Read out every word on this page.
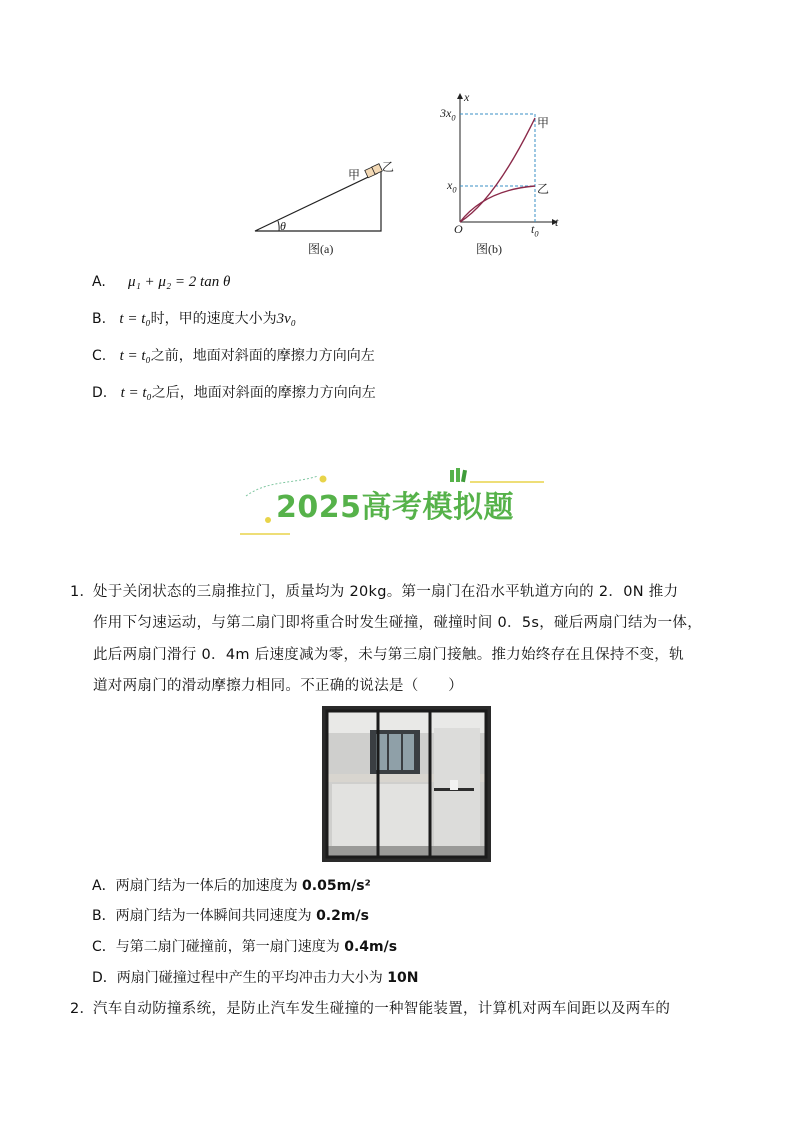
甲
乙
θ
图(a)
x
t
O
$3x_0$
$x_0$
$t_0$
甲
乙
图(b)
A. μ₁ + μ₂ = 2 tan θ
B. t = t₀时，甲的速度大小为3v₀
C. t = t₀之前，地面对斜面的摩擦力方向向左
D. t = t₀之后，地面对斜面的摩擦力方向向左
2025高考模拟题
1．
处于关闭状态的三扇推拉门，质量均为 20kg。第一扇门在沿水平轨道方向的 2．0N 推力
作用下匀速运动，与第二扇门即将重合时发生碰撞，碰撞时间 0．5s，碰后两扇门结为一体，
此后两扇门滑行 0．4m 后速度减为零，未与第三扇门接触。推力始终存在且保持不变，轨
道对两扇门的滑动摩擦力相同。不正确的说法是（　　）
A．两扇门结为一体后的加速度为 0.05m/s²
B．两扇门结为一体瞬间共同速度为 0.2m/s
C．与第二扇门碰撞前，第一扇门速度为 0.4m/s
D．两扇门碰撞过程中产生的平均冲击力大小为 10N
2．
汽车自动防撞系统，是防止汽车发生碰撞的一种智能装置，计算机对两车间距以及两车的
